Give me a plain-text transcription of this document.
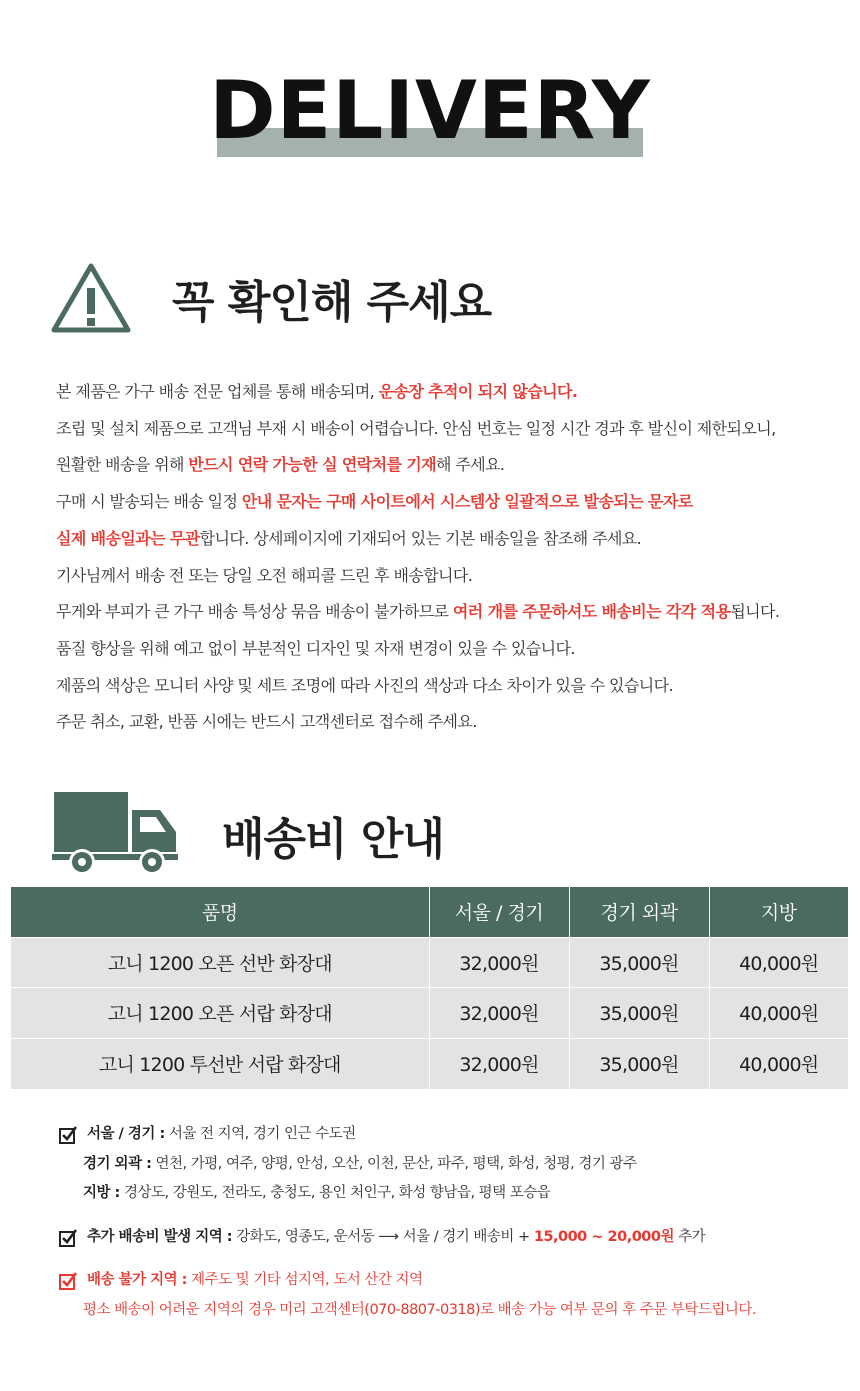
DELIVERY
꼭 확인해 주세요
본 제품은 가구 배송 전문 업체를 통해 배송되며, 운송장 추적이 되지 않습니다.
조립 및 설치 제품으로 고객님 부재 시 배송이 어렵습니다. 안심 번호는 일정 시간 경과 후 발신이 제한되오니,
원활한 배송을 위해 반드시 연락 가능한 실 연락처를 기재해 주세요.
구매 시 발송되는 배송 일정 안내 문자는 구매 사이트에서 시스템상 일괄적으로 발송되는 문자로
실제 배송일과는 무관합니다. 상세페이지에 기재되어 있는 기본 배송일을 참조해 주세요.
기사님께서 배송 전 또는 당일 오전 해피콜 드린 후 배송합니다.
무게와 부피가 큰 가구 배송 특성상 묶음 배송이 불가하므로 여러 개를 주문하셔도 배송비는 각각 적용됩니다.
품질 향상을 위해 예고 없이 부분적인 디자인 및 자재 변경이 있을 수 있습니다.
제품의 색상은 모니터 사양 및 세트 조명에 따라 사진의 색상과 다소 차이가 있을 수 있습니다.
주문 취소, 교환, 반품 시에는 반드시 고객센터로 접수해 주세요.
배송비 안내
품명	서울 / 경기	경기 외곽	지방
고니 1200 오픈 선반 화장대	32,000원	35,000원	40,000원
고니 1200 오픈 서랍 화장대	32,000원	35,000원	40,000원
고니 1200 투선반 서랍 화장대	32,000원	35,000원	40,000원
서울 / 경기 : 서울 전 지역, 경기 인근 수도권
경기 외곽 : 연천, 가평, 여주, 양평, 안성, 오산, 이천, 문산, 파주, 평택, 화성, 청평, 경기 광주
지방 : 경상도, 강원도, 전라도, 충청도, 용인 처인구, 화성 향남읍, 평택 포승읍
추가 배송비 발생 지역 : 강화도, 영종도, 운서동 ⟶ 서울 / 경기 배송비 + 15,000 ~ 20,000원 추가
배송 불가 지역 : 제주도 및 기타 섬지역, 도서 산간 지역
평소 배송이 어려운 지역의 경우 미리 고객센터(070-8807-0318)로 배송 가능 여부 문의 후 주문 부탁드립니다.
